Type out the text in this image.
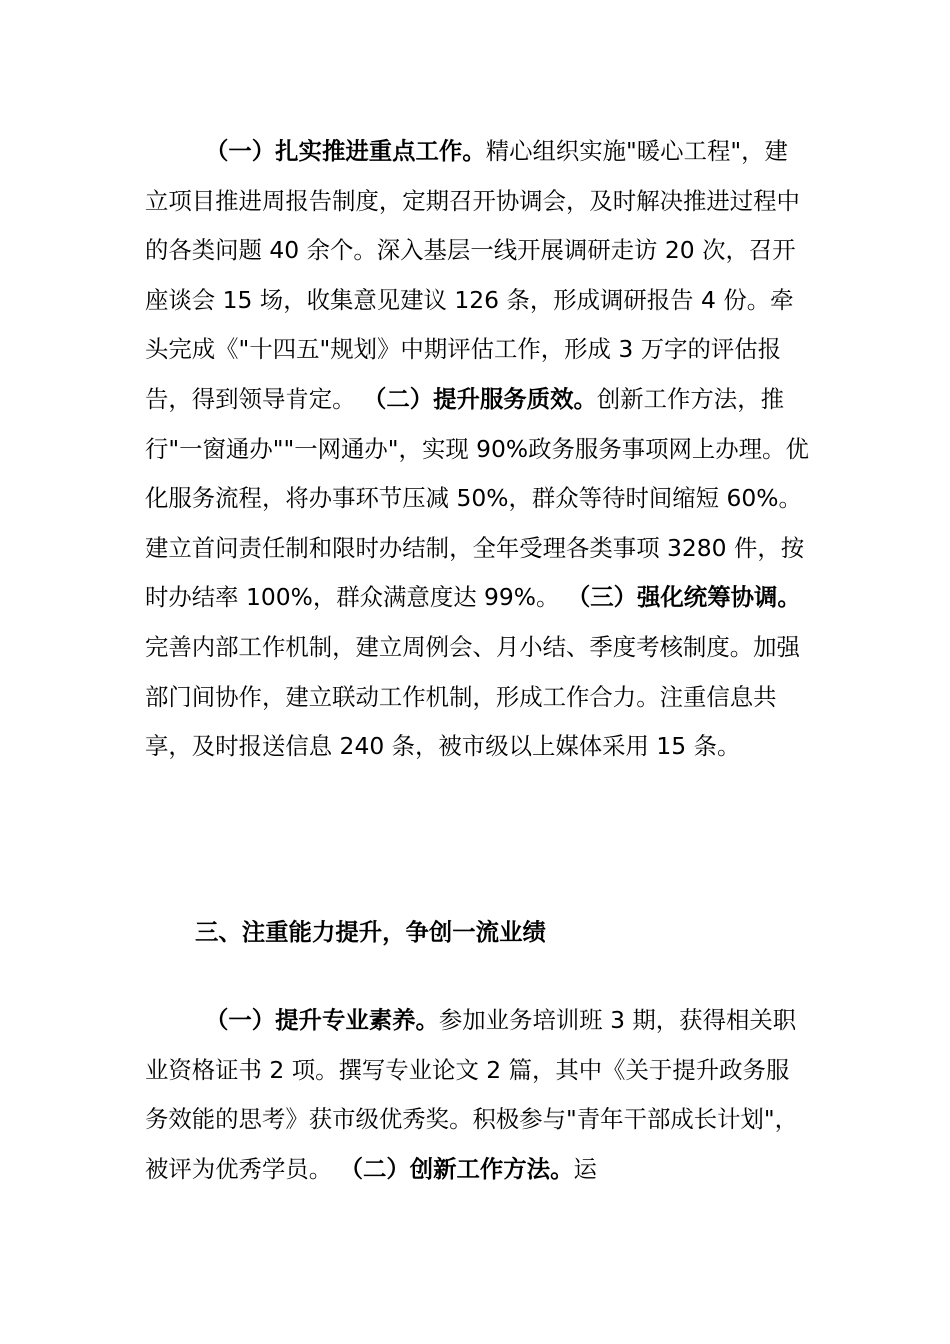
（一）扎实推进重点工作。精心组织实施"暖心工程"，建立项目推进周报告制度，定期召开协调会，及时解决推进过程中的各类问题 40 余个。深入基层一线开展调研走访 20 次，召开座谈会 15 场，收集意见建议 126 条，形成调研报告 4 份。牵头完成《"十四五"规划》中期评估工作，形成 3 万字的评估报告，得到领导肯定。 （二）提升服务质效。创新工作方法，推行"一窗通办""一网通办"，实现 90%政务服务事项网上办理。优化服务流程，将办事环节压减 50%，群众等待时间缩短 60%。建立首问责任制和限时办结制，全年受理各类事项 3280 件，按时办结率 100%，群众满意度达 99%。 （三）强化统筹协调。完善内部工作机制，建立周例会、月小结、季度考核制度。加强部门间协作，建立联动工作机制，形成工作合力。注重信息共享，及时报送信息 240 条，被市级以上媒体采用 15 条。

三、注重能力提升，争创一流业绩

（一）提升专业素养。参加业务培训班 3 期，获得相关职业资格证书 2 项。撰写专业论文 2 篇，其中《关于提升政务服务效能的思考》获市级优秀奖。积极参与"青年干部成长计划"，被评为优秀学员。 （二）创新工作方法。运
